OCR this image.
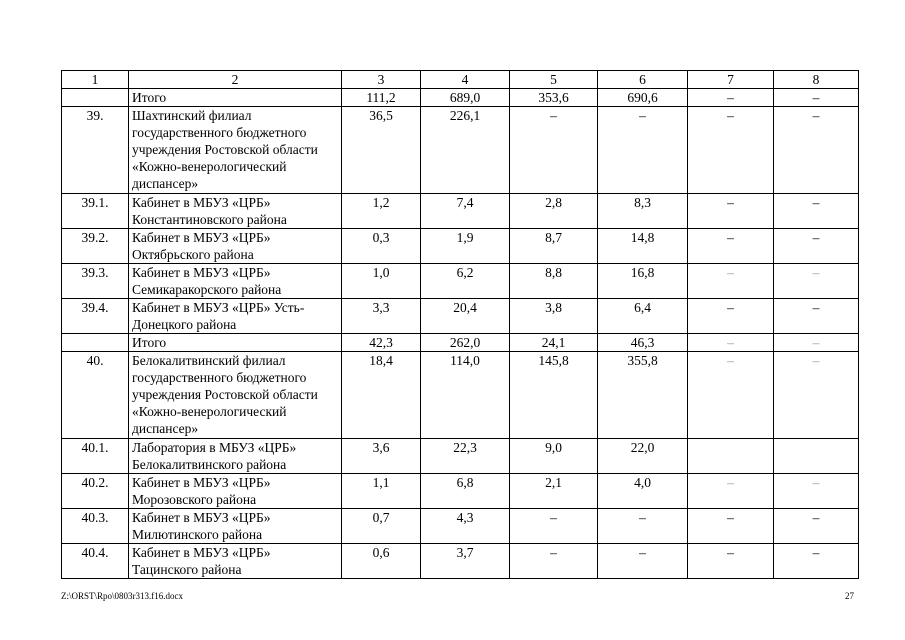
1	2	3	4	5	6	7	8
	Итого	111,2	689,0	353,6	690,6	–	–
39.	Шахтинский филиал государственного бюджетного учреждения Ростовской области «Кожно-венерологический диспансер»	36,5	226,1	–	–	–	–
39.1.	Кабинет в МБУЗ «ЦРБ» Константиновского района	1,2	7,4	2,8	8,3	–	–
39.2.	Кабинет в МБУЗ «ЦРБ» Октябрьского района	0,3	1,9	8,7	14,8	–	–
39.3.	Кабинет в МБУЗ «ЦРБ» Семикаракорского района	1,0	6,2	8,8	16,8	–	–
39.4.	Кабинет в МБУЗ «ЦРБ» Усть-Донецкого района	3,3	20,4	3,8	6,4	–	–
	Итого	42,3	262,0	24,1	46,3	–	–
40.	Белокалитвинский филиал государственного бюджетного учреждения Ростовской области «Кожно-венерологический диспансер»	18,4	114,0	145,8	355,8	–	–
40.1.	Лаборатория в МБУЗ «ЦРБ» Белокалитвинского района	3,6	22,3	9,0	22,0		
40.2.	Кабинет в МБУЗ «ЦРБ» Морозовского района	1,1	6,8	2,1	4,0	–	–
40.3.	Кабинет в МБУЗ «ЦРБ» Милютинского района	0,7	4,3	–	–	–	–
40.4.	Кабинет в МБУЗ «ЦРБ» Тацинского района	0,6	3,7	–	–	–	–
Z:\ORST\Rpo\0803r313.f16.docx	27
